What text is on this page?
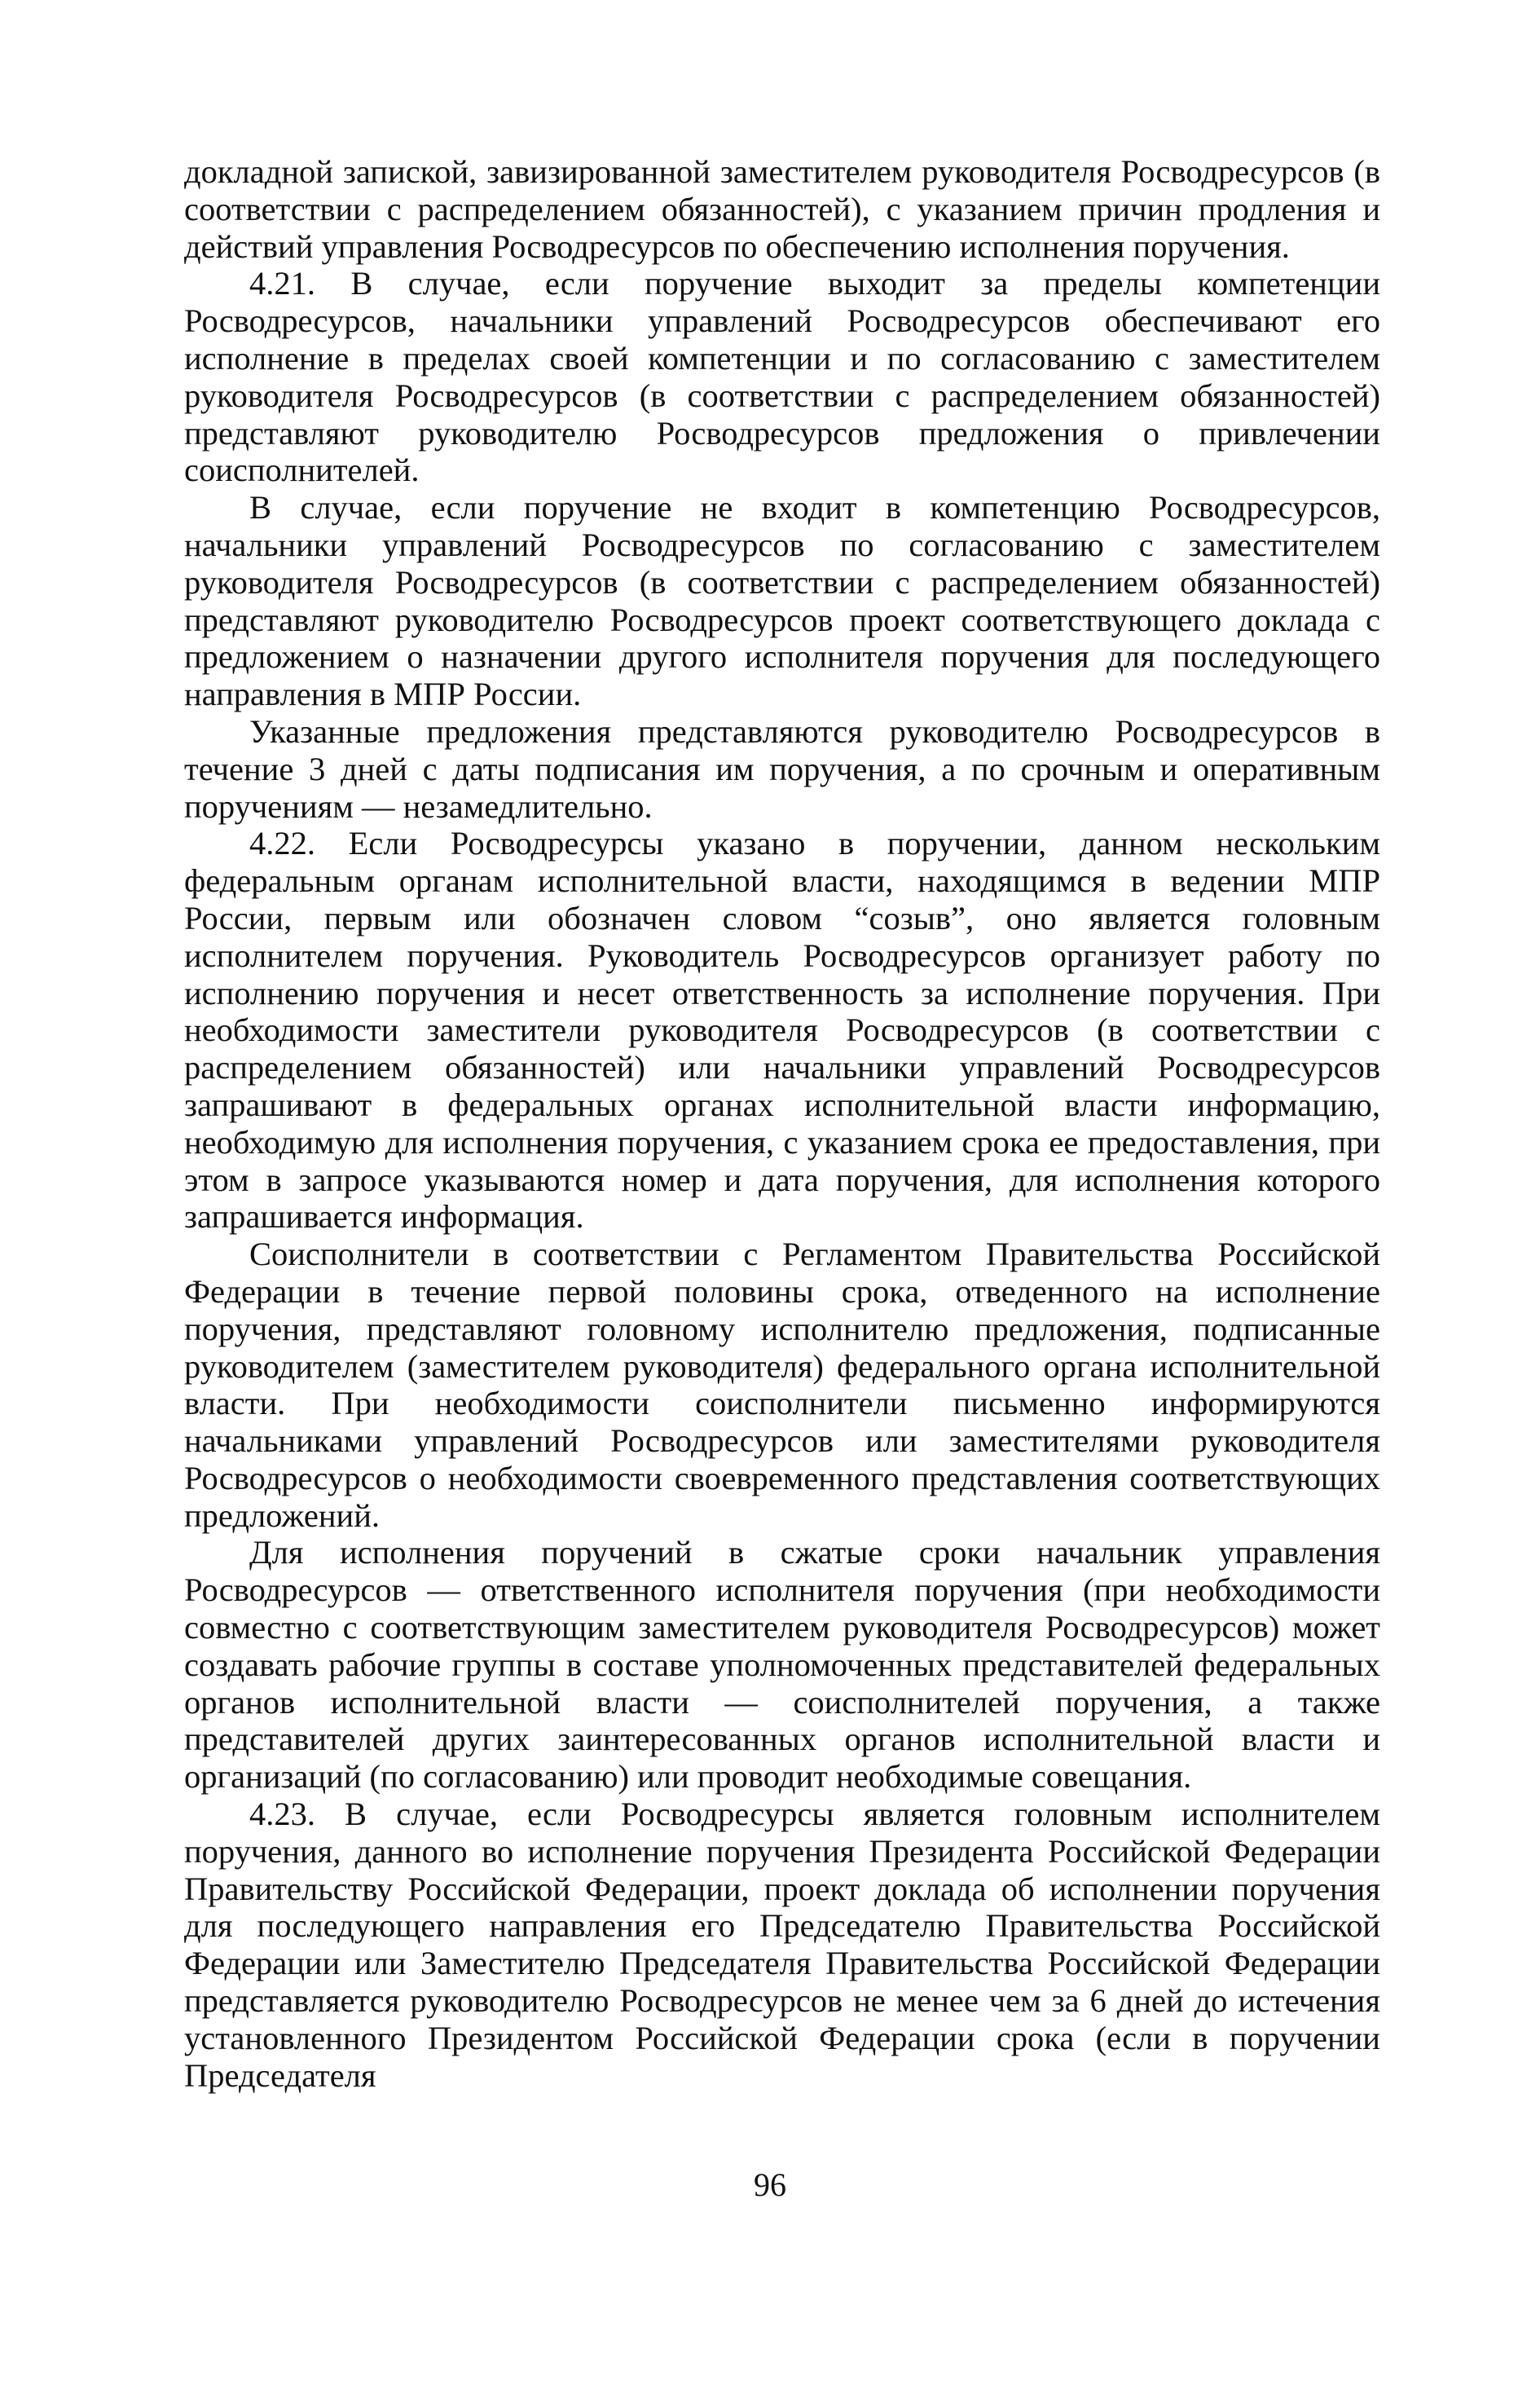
докладной запиской, завизированной заместителем руководителя Росводресурсов (в соответствии с распределением обязанностей), с указанием причин продления и действий управления Росводресурсов по обеспечению исполнения поручения.

4.21. В случае, если поручение выходит за пределы компетенции Росводресурсов, начальники управлений Росводресурсов обеспечивают его исполнение в пределах своей компетенции и по согласованию с заместителем руководителя Росводресурсов (в соответствии с распределением обязанностей) представляют руководителю Росводресурсов предложения о привлечении соисполнителей.

В случае, если поручение не входит в компетенцию Росводресурсов, начальники управлений Росводресурсов по согласованию с заместителем руководителя Росводресурсов (в соответствии с распределением обязанностей) представляют руководителю Росводресурсов проект соответствующего доклада с предложением о назначении другого исполнителя поручения для последующего направления в МПР России.

Указанные предложения представляются руководителю Росводресурсов в течение 3 дней с даты подписания им поручения, а по срочным и оперативным поручениям — незамедлительно.

4.22. Если Росводресурсы указано в поручении, данном нескольким федеральным органам исполнительной власти, находящимся в ведении МПР России, первым или обозначен словом “созыв”, оно является головным исполнителем поручения. Руководитель Росводресурсов организует работу по исполнению поручения и несет ответственность за исполнение поручения. При необходимости заместители руководителя Росводресурсов (в соответствии с распределением обязанностей) или начальники управлений Росводресурсов запрашивают в федеральных органах исполнительной власти информацию, необходимую для исполнения поручения, с указанием срока ее предоставления, при этом в запросе указываются номер и дата поручения, для исполнения которого запрашивается информация.

Соисполнители в соответствии с Регламентом Правительства Российской Федерации в течение первой половины срока, отведенного на исполнение поручения, представляют головному исполнителю предложения, подписанные руководителем (заместителем руководителя) федерального органа исполнительной власти. При необходимости соисполнители письменно информируются начальниками управлений Росводресурсов или заместителями руководителя Росводресурсов о необходимости своевременного представления соответствующих предложений.

Для исполнения поручений в сжатые сроки начальник управления Росводресурсов — ответственного исполнителя поручения (при необходимости совместно с соответствующим заместителем руководителя Росводресурсов) может создавать рабочие группы в составе уполномоченных представителей федеральных органов исполнительной власти — соисполнителей поручения, а также представителей других заинтересованных органов исполнительной власти и организаций (по согласованию) или проводит необходимые совещания.

4.23. В случае, если Росводресурсы является головным исполнителем поручения, данного во исполнение поручения Президента Российской Федерации Правительству Российской Федерации, проект доклада об исполнении поручения для последующего направления его Председателю Правительства Российской Федерации или Заместителю Председателя Правительства Российской Федерации представляется руководителю Росводресурсов не менее чем за 6 дней до истечения установленного Президентом Российской Федерации срока (если в поручении Председателя

96
